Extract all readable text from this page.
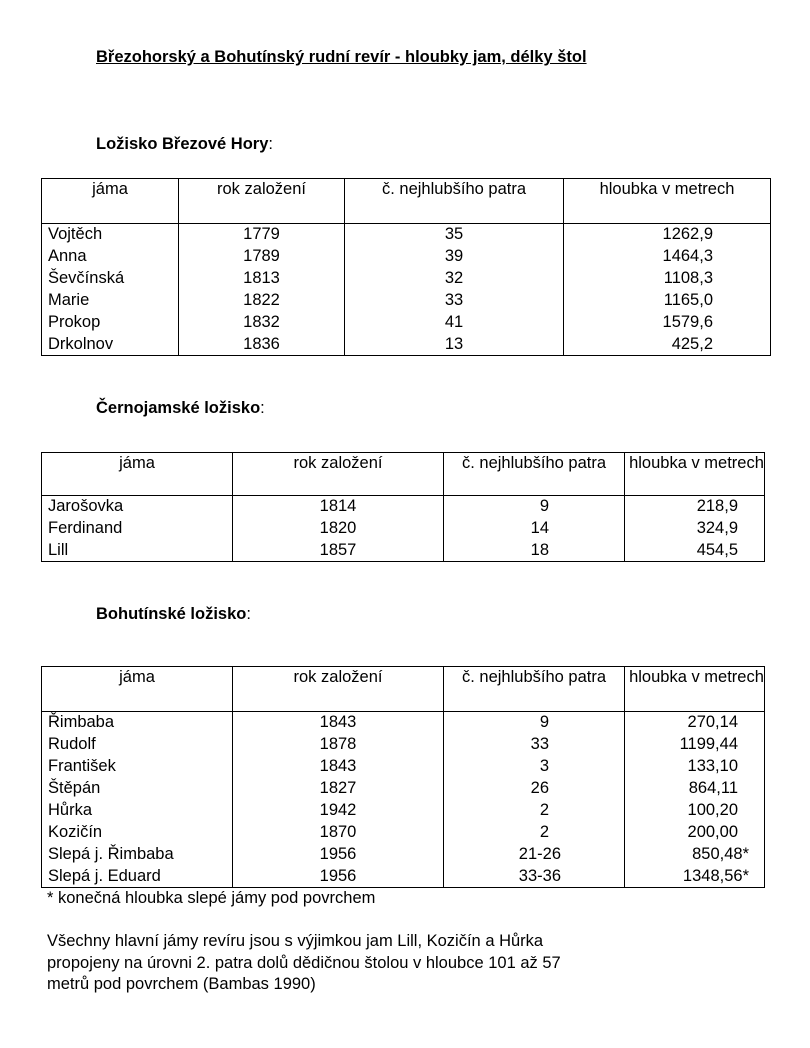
Březohorský a Bohutínský rudní revír - hloubky jam, délky štol
Ložisko Březové Hory:
jáma	rok založení	č. nejhlubšího patra	hloubka v metrech
Vojtěch	1779	35	1262,9
Anna	1789	39	1464,3
Ševčínská	1813	32	1108,3
Marie	1822	33	1165,0
Prokop	1832	41	1579,6
Drkolnov	1836	13	425,2
Černojamské ložisko:
jáma	rok založení	č. nejhlubšího patra	hloubka v metrech
Jarošovka	1814	9	218,9
Ferdinand	1820	14	324,9
Lill	1857	18	454,5
Bohutínské ložisko:
jáma	rok založení	č. nejhlubšího patra	hloubka v metrech
Řimbaba	1843	9	270,14
Rudolf	1878	33	1199,44
František	1843	3	133,10
Štěpán	1827	26	864,11
Hůrka	1942	2	100,20
Kozičín	1870	2	200,00
Slepá j. Řimbaba	1956	21-26	850,48*
Slepá j. Eduard	1956	33-36	1348,56*
* konečná hloubka slepé jámy pod povrchem
Všechny hlavní jámy revíru jsou s výjimkou jam Lill, Kozičín a Hůrka
propojeny na úrovni 2. patra dolů dědičnou štolou v hloubce 101 až 57
metrů pod povrchem (Bambas 1990)
